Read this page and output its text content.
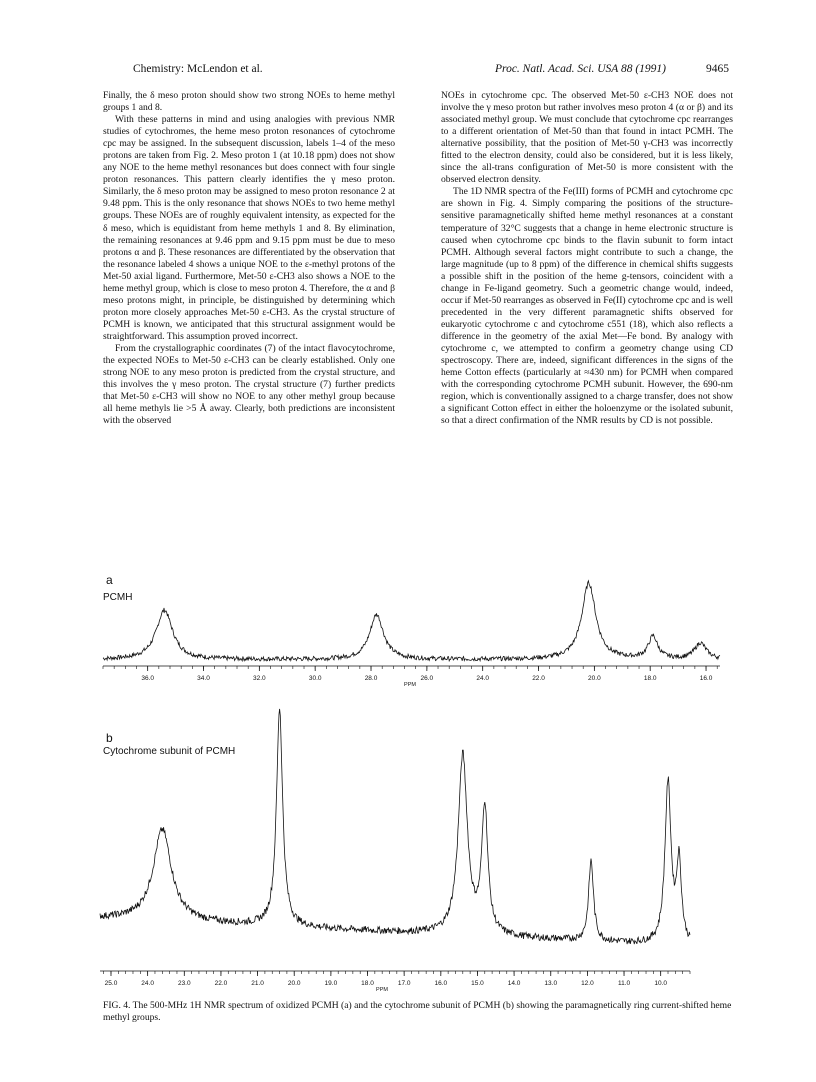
Chemistry: McLendon et al.	Proc. Natl. Acad. Sci. USA 88 (1991)	9465

Finally, the δ meso proton should show two strong NOEs to heme methyl groups 1 and 8.

With these patterns in mind and using analogies with previous NMR studies of cytochromes, the heme meso proton resonances of cytochrome cpc may be assigned. In the subsequent discussion, labels 1–4 of the meso protons are taken from Fig. 2. Meso proton 1 (at 10.18 ppm) does not show any NOE to the heme methyl resonances but does connect with four single proton resonances. This pattern clearly identifies the γ meso proton. Similarly, the δ meso proton may be assigned to meso proton resonance 2 at 9.48 ppm. This is the only resonance that shows NOEs to two heme methyl groups. These NOEs are of roughly equivalent intensity, as expected for the δ meso, which is equidistant from heme methyls 1 and 8. By elimination, the remaining resonances at 9.46 ppm and 9.15 ppm must be due to meso protons α and β. These resonances are differentiated by the observation that the resonance labeled 4 shows a unique NOE to the ε-methyl protons of the Met-50 axial ligand. Furthermore, Met-50 ε-CH3 also shows a NOE to the heme methyl group, which is close to meso proton 4. Therefore, the α and β meso protons might, in principle, be distinguished by determining which proton more closely approaches Met-50 ε-CH3. As the crystal structure of PCMH is known, we anticipated that this structural assignment would be straightforward. This assumption proved incorrect.

From the crystallographic coordinates (7) of the intact flavocytochrome, the expected NOEs to Met-50 ε-CH3 can be clearly established. Only one strong NOE to any meso proton is predicted from the crystal structure, and this involves the γ meso proton. The crystal structure (7) further predicts that Met-50 ε-CH3 will show no NOE to any other methyl group because all heme methyls lie >5 Å away. Clearly, both predictions are inconsistent with the observed

NOEs in cytochrome cpc. The observed Met-50 ε-CH3 NOE does not involve the γ meso proton but rather involves meso proton 4 (α or β) and its associated methyl group. We must conclude that cytochrome cpc rearranges to a different orientation of Met-50 than that found in intact PCMH. The alternative possibility, that the position of Met-50 γ-CH3 was incorrectly fitted to the electron density, could also be considered, but it is less likely, since the all-trans configuration of Met-50 is more consistent with the observed electron density.

The 1D NMR spectra of the Fe(III) forms of PCMH and cytochrome cpc are shown in Fig. 4. Simply comparing the positions of the structure-sensitive paramagnetically shifted heme methyl resonances at a constant temperature of 32°C suggests that a change in heme electronic structure is caused when cytochrome cpc binds to the flavin subunit to form intact PCMH. Although several factors might contribute to such a change, the large magnitude (up to 8 ppm) of the difference in chemical shifts suggests a possible shift in the position of the heme g-tensors, coincident with a change in Fe-ligand geometry. Such a geometric change would, indeed, occur if Met-50 rearranges as observed in Fe(II) cytochrome cpc and is well precedented in the very different paramagnetic shifts observed for eukaryotic cytochrome c and cytochrome c551 (18), which also reflects a difference in the geometry of the axial Met—Fe bond. By analogy with cytochrome c, we attempted to confirm a geometry change using CD spectroscopy. There are, indeed, significant differences in the signs of the heme Cotton effects (particularly at ≈430 nm) for PCMH when compared with the corresponding cytochrome PCMH subunit. However, the 690-nm region, which is conventionally assigned to a charge transfer, does not show a significant Cotton effect in either the holoenzyme or the isolated subunit, so that a direct confirmation of the NMR results by CD is not possible.

a
PCMH
b
Cytochrome subunit of PCMH
36.0	34.0	32.0	30.0	28.0	26.0	24.0	22.0	20.0	18.0	16.0
PPM
25.0	24.0	23.0	22.0	21.0	20.0	19.0	18.0	17.0	16.0	15.0	14.0	13.0	12.0	11.0	10.0
PPM
FIG. 4. The 500-MHz 1H NMR spectrum of oxidized PCMH (a) and the cytochrome subunit of PCMH (b) showing the paramagnetically ring current-shifted heme methyl groups.
